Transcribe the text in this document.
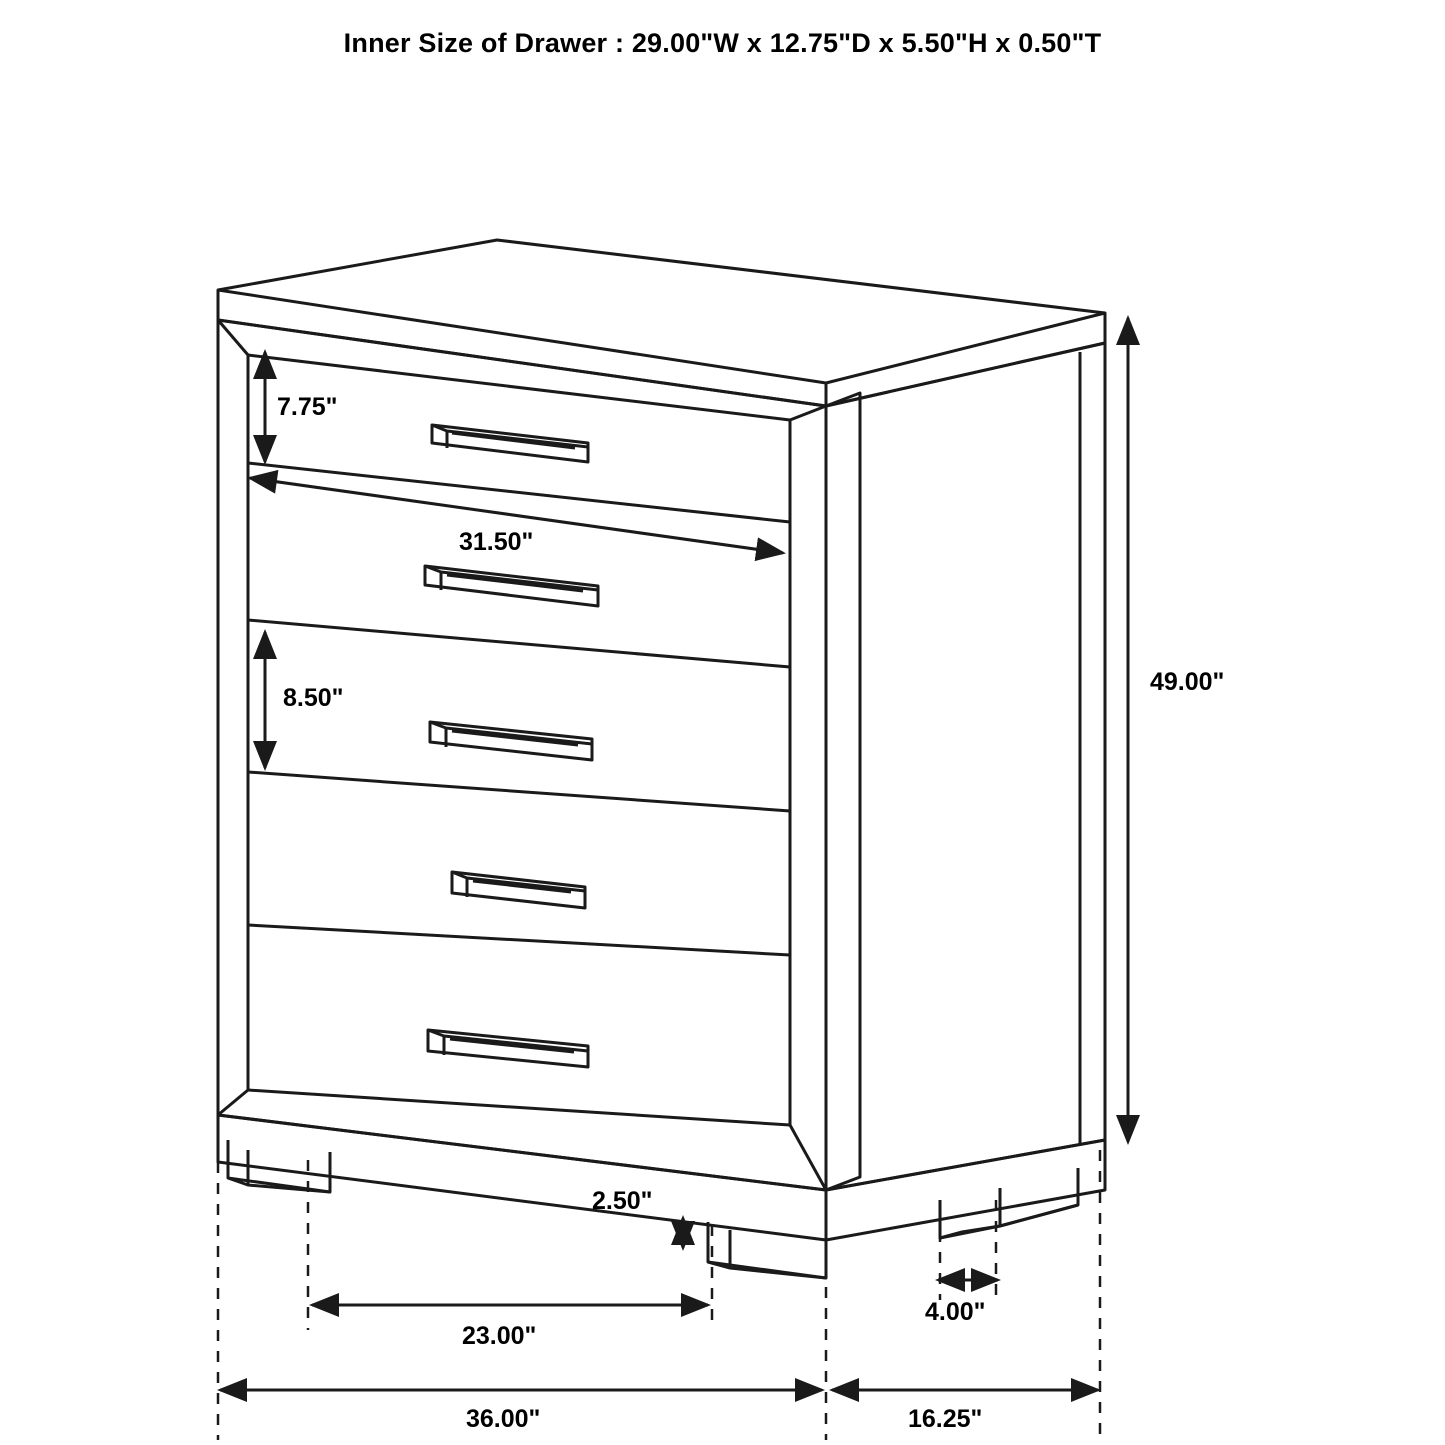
Inner Size of Drawer : 29.00"W x 12.75"D x 5.50"H x 0.50"T
7.75"
31.50"
8.50"
49.00"
2.50"
23.00"
4.00"
36.00"	16.25"
